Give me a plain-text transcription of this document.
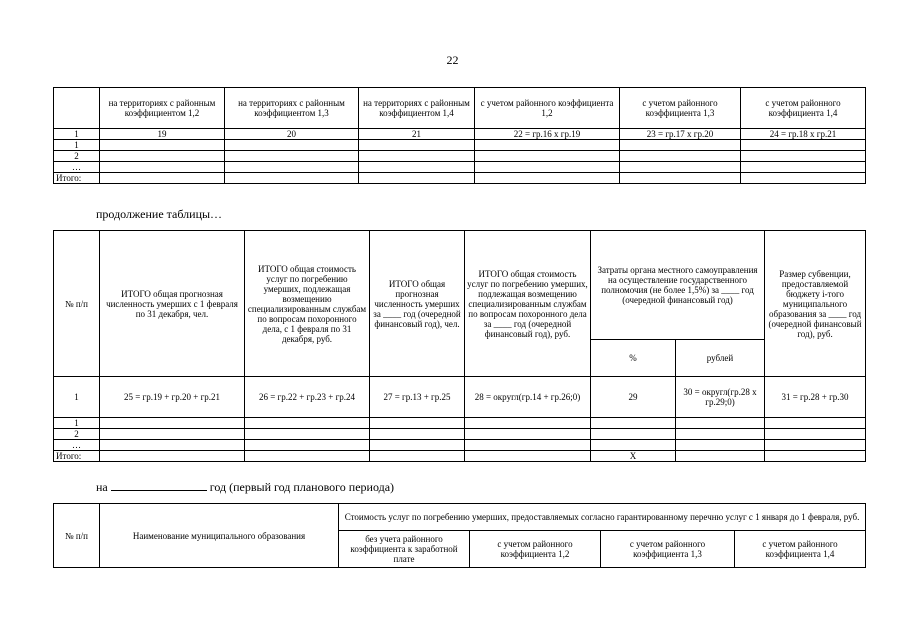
22
	на территориях с районным коэффициентом 1,2	на территориях с районным коэффициентом 1,3	на территориях с районным коэффициентом 1,4	с учетом районного коэффициента 1,2	с учетом районного коэффициента 1,3	с учетом районного коэффициента 1,4
1	19	20	21	22 = гр.16 х гр.19	23 = гр.17 х гр.20	24 = гр.18 х гр.21
1						
2						
…						
Итого:						
продолжение таблицы…
№ п/п	ИТОГО общая прогнозная численность умерших с 1 февраля по 31 декабря, чел.	ИТОГО общая стоимость услуг по погребению умерших, подлежащая возмещению специализированным службам по вопросам похоронного дела, с 1 февраля по 31 декабря, руб.	ИТОГО общая прогнозная численность умерших за ____ год (очередной финансовый год), чел.	ИТОГО общая стоимость услуг по погребению умерших, подлежащая возмещению специализированным службам по вопросам похоронного дела за ____ год (очередной финансовый год), руб.	Затраты органа местного самоуправления на осуществление государственного полномочия (не более 1,5%) за ____ год (очередной финансовый год)		Размер субвенции, предоставляемой бюджету i-того муниципального образования за ____ год (очередной финансовый год), руб.
					%	рублей	
1	25 = гр.19 + гр.20 + гр.21	26 = гр.22 + гр.23 + гр.24	27 = гр.13 + гр.25	28 = округл(гр.14 + гр.26;0)	29	30 = округл(гр.28 х гр.29;0)	31 = гр.28 + гр.30
1							
2							
…							
Итого:					X		
на	год (первый год планового периода)
№ п/п	Наименование муниципального образования	Стоимость услуг по погребению умерших, предоставляемых согласно гарантированному перечню услуг с 1 января до 1 февраля, руб.			
		без учета районного коэффициента к заработной плате	с учетом районного коэффициента 1,2	с учетом районного коэффициента 1,3	с учетом районного коэффициента 1,4
